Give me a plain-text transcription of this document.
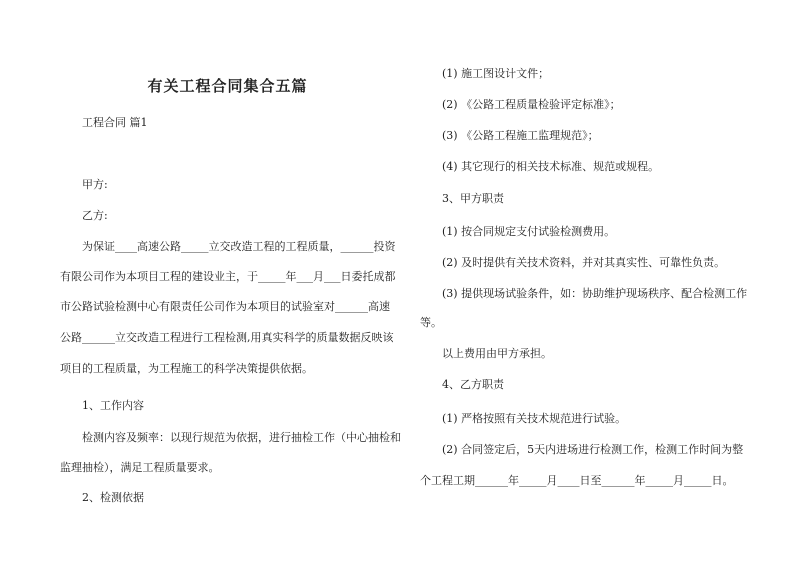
有关工程合同集合五篇
工程合同 篇1
甲方:
乙方:
为保证____高速公路_____立交改造工程的工程质量，______投资
有限公司作为本项目工程的建设业主，于_____年___月___日委托成都
市公路试验检测中心有限责任公司作为本项目的试验室对______高速
公路______立交改造工程进行工程检测,用真实科学的质量数据反映该
项目的工程质量，为工程施工的科学决策提供依据。
1、工作内容
检测内容及频率：以现行规范为依据，进行抽检工作（中心抽检和
监理抽检），满足工程质量要求。
2、检测依据
(1) 施工图设计文件；
(2) 《公路工程质量检验评定标准》；
(3) 《公路工程施工监理规范》；
(4) 其它现行的相关技术标准、规范或规程。
3、甲方职责
(1) 按合同规定支付试验检测费用。
(2) 及时提供有关技术资料，并对其真实性、可靠性负责。
(3) 提供现场试验条件，如：协助维护现场秩序、配合检测工作
等。
以上费用由甲方承担。
4、乙方职责
(1) 严格按照有关技术规范进行试验。
(2) 合同签定后，5天内进场进行检测工作，检测工作时间为整
个工程工期______年_____月____日至______年_____月_____日。
